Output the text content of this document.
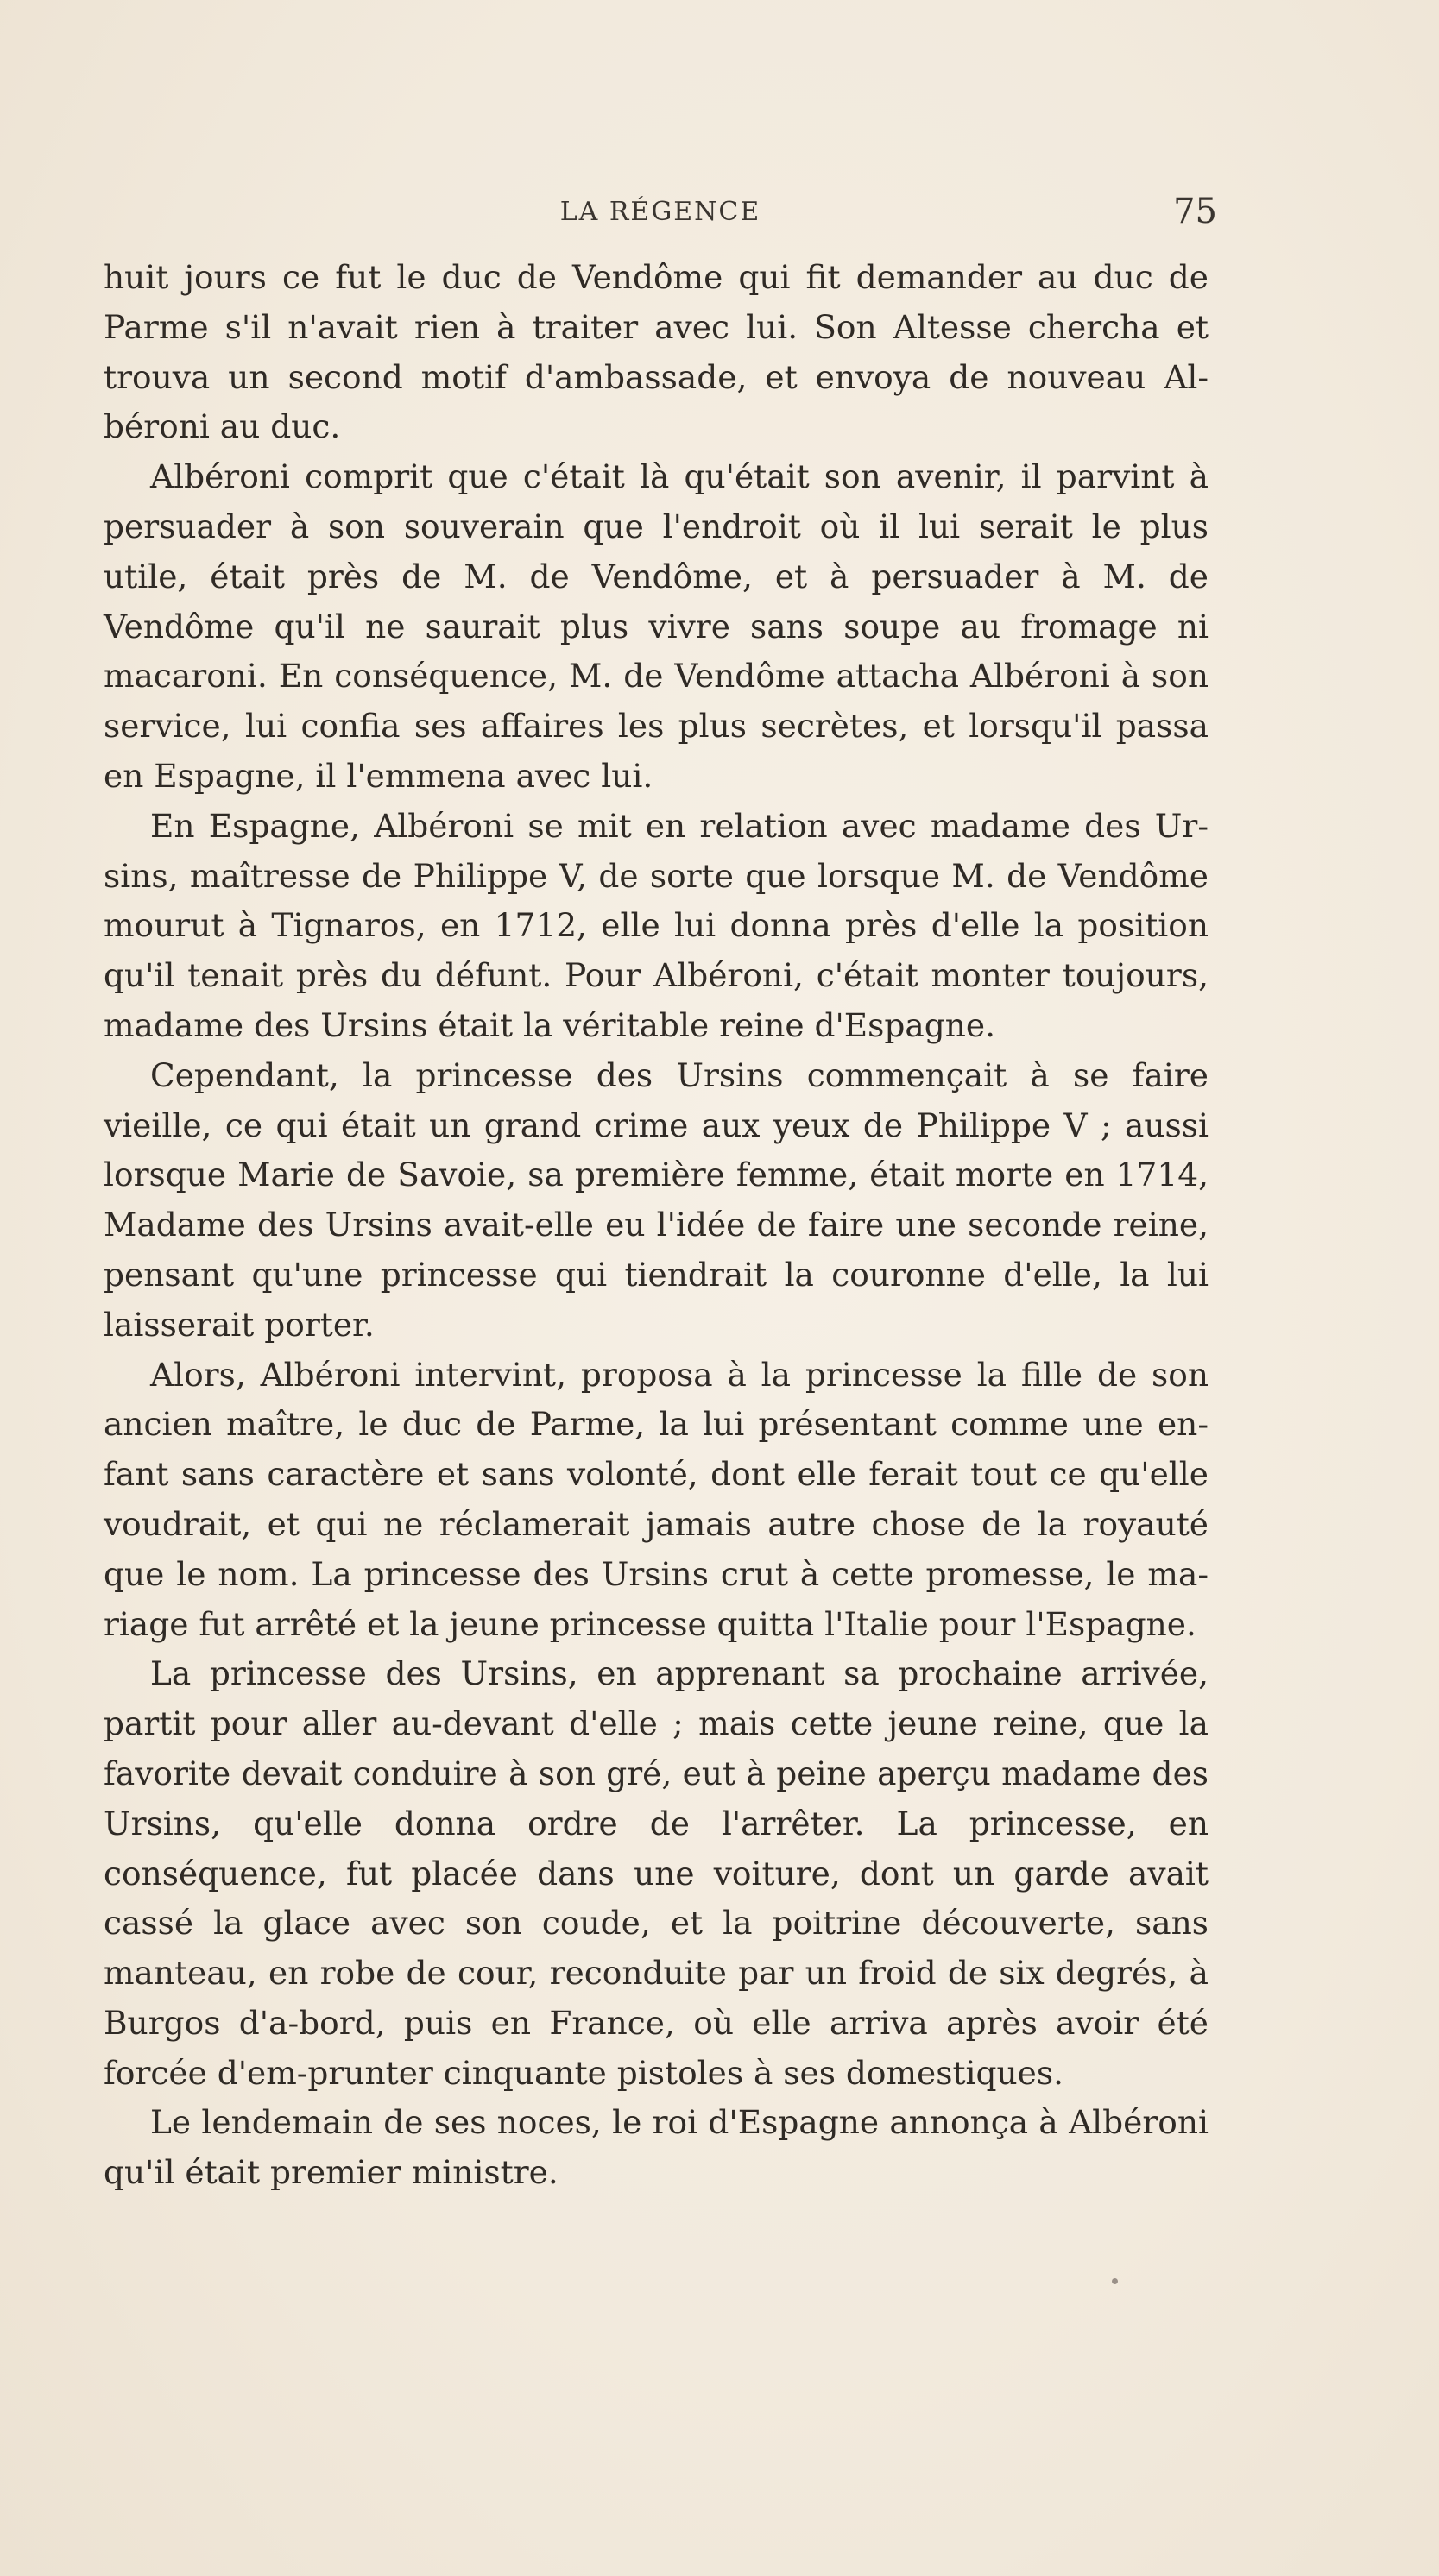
LA RÉGENCE	75

huit jours ce fut le duc de Vendôme qui fit demander au duc de Parme s'il n'avait rien à traiter avec lui. Son Altesse chercha et trouva un second motif d'ambassade, et envoya de nouveau Al-béroni au duc.

Albéroni comprit que c'était là qu'était son avenir, il parvint à persuader à son souverain que l'endroit où il lui serait le plus utile, était près de M. de Vendôme, et à persuader à M. de Vendôme qu'il ne saurait plus vivre sans soupe au fromage ni macaroni. En conséquence, M. de Vendôme attacha Albéroni à son service, lui confia ses affaires les plus secrètes, et lorsqu'il passa en Espagne, il l'emmena avec lui.

En Espagne, Albéroni se mit en relation avec madame des Ur-sins, maîtresse de Philippe V, de sorte que lorsque M. de Vendôme mourut à Tignaros, en 1712, elle lui donna près d'elle la position qu'il tenait près du défunt. Pour Albéroni, c'était monter toujours, madame des Ursins était la véritable reine d'Espagne.

Cependant, la princesse des Ursins commençait à se faire vieille, ce qui était un grand crime aux yeux de Philippe V ; aussi lorsque Marie de Savoie, sa première femme, était morte en 1714, Madame des Ursins avait-elle eu l'idée de faire une seconde reine, pensant qu'une princesse qui tiendrait la couronne d'elle, la lui laisserait porter.

Alors, Albéroni intervint, proposa à la princesse la fille de son ancien maître, le duc de Parme, la lui présentant comme une en-fant sans caractère et sans volonté, dont elle ferait tout ce qu'elle voudrait, et qui ne réclamerait jamais autre chose de la royauté que le nom. La princesse des Ursins crut à cette promesse, le ma-riage fut arrêté et la jeune princesse quitta l'Italie pour l'Espagne.

La princesse des Ursins, en apprenant sa prochaine arrivée, partit pour aller au-devant d'elle ; mais cette jeune reine, que la favorite devait conduire à son gré, eut à peine aperçu madame des Ursins, qu'elle donna ordre de l'arrêter. La princesse, en conséquence, fut placée dans une voiture, dont un garde avait cassé la glace avec son coude, et la poitrine découverte, sans manteau, en robe de cour, reconduite par un froid de six degrés, à Burgos d'a-bord, puis en France, où elle arriva après avoir été forcée d'em-prunter cinquante pistoles à ses domestiques.

Le lendemain de ses noces, le roi d'Espagne annonça à Albéroni qu'il était premier ministre.
